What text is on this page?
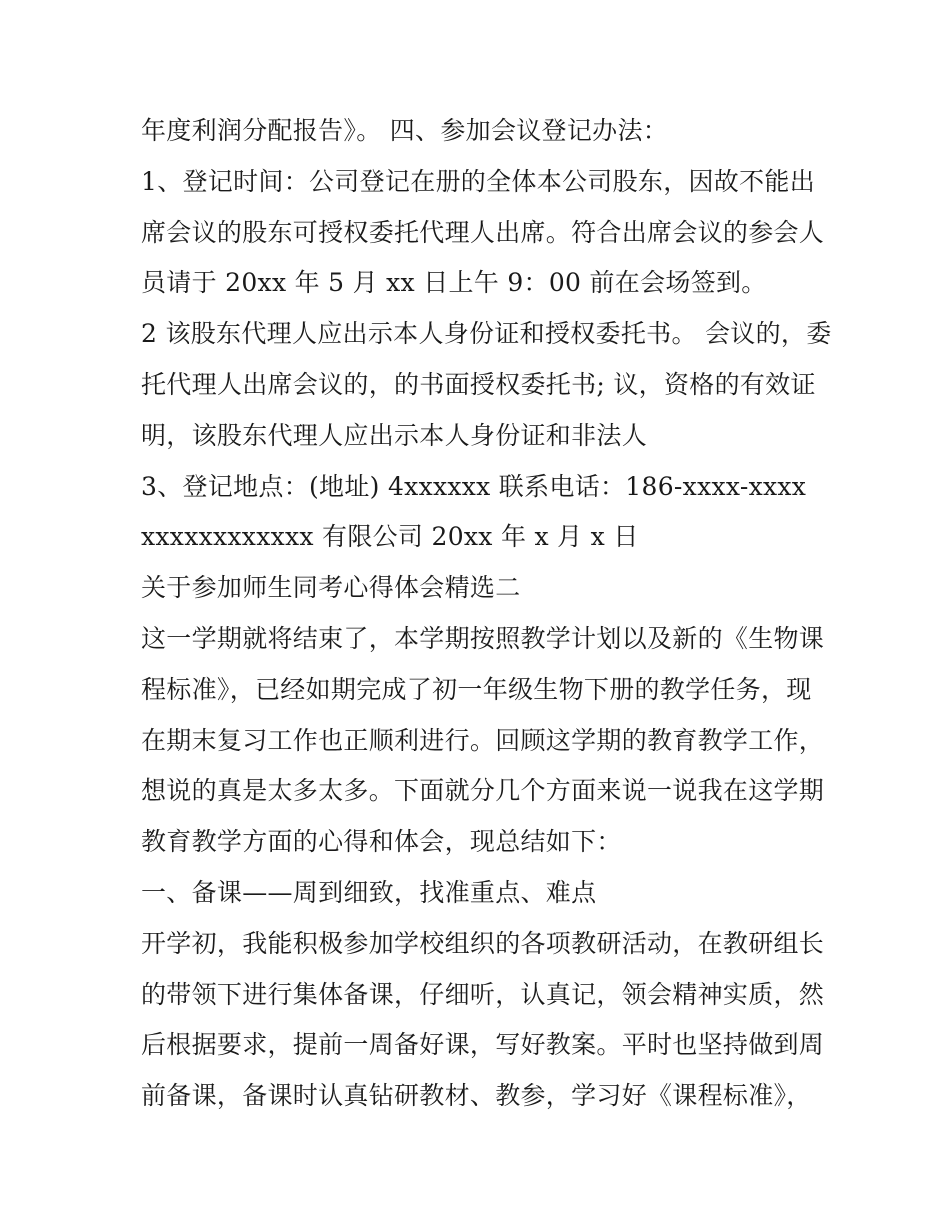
年度利润分配报告》。 四、参加会议登记办法：
1、登记时间：公司登记在册的全体本公司股东，因故不能出
席会议的股东可授权委托代理人出席。符合出席会议的参会人
员请于 20xx 年 5 月 xx 日上午 9：00 前在会场签到。
2 该股东代理人应出示本人身份证和授权委托书。 会议的，委
托代理人出席会议的，的书面授权委托书; 议，资格的有效证
明，该股东代理人应出示本人身份证和非法人
3、登记地点：(地址) 4xxxxxx 联系电话：186-xxxx-xxxx
xxxxxxxxxxxx 有限公司 20xx 年 x 月 x 日
关于参加师生同考心得体会精选二
这一学期就将结束了，本学期按照教学计划以及新的《生物课
程标准》，已经如期完成了初一年级生物下册的教学任务，现
在期末复习工作也正顺利进行。回顾这学期的教育教学工作，
想说的真是太多太多。下面就分几个方面来说一说我在这学期
教育教学方面的心得和体会，现总结如下：
一、备课——周到细致，找准重点、难点
开学初，我能积极参加学校组织的各项教研活动，在教研组长
的带领下进行集体备课，仔细听，认真记，领会精神实质，然
后根据要求，提前一周备好课，写好教案。平时也坚持做到周
前备课，备课时认真钻研教材、教参，学习好《课程标准》，
